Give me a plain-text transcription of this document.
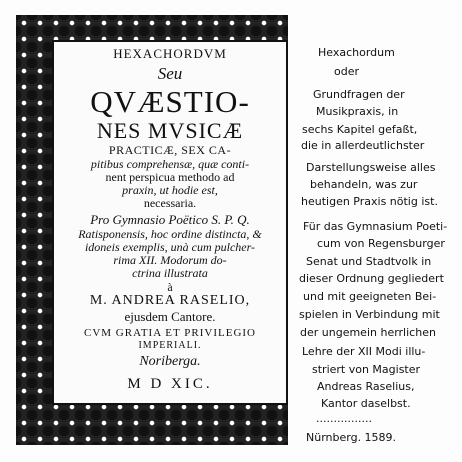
HEXACHORDVM
Seu
QVÆSTIO-
NES MVSICÆ
PRACTICÆ, SEX CA-
pitibus comprehensæ, quæ conti-
nent perspicua methodo ad
praxin, ut hodie est,
necessaria.
Pro Gymnasio Poëtico S. P. Q.
Ratisponensis, hoc ordine distincta, &
idoneis exemplis, unà cum pulcher-
rima XII. Modorum do-
ctrina illustrata
à
M. ANDREA RASELIO,
ejusdem Cantore.
CVM GRATIA ET PRIVILEGIO
IMPERIALI.
Noriberga.
M D XIC.
Hexachordum
oder
Grundfragen der
Musikpraxis, in
sechs Kapitel gefaßt,
die in allerdeutlichster
Darstellungsweise alles
behandeln, was zur
heutigen Praxis nötig ist.
Für das Gymnasium Poeti-
cum von Regensburger
Senat und Stadtvolk in
dieser Ordnung gegliedert
und mit geeigneten Bei-
spielen in Verbindung mit
der ungemein herrlichen
Lehre der XII Modi illu-
striert von Magister
Andreas Raselius,
Kantor daselbst.
................
Nürnberg. 1589.
